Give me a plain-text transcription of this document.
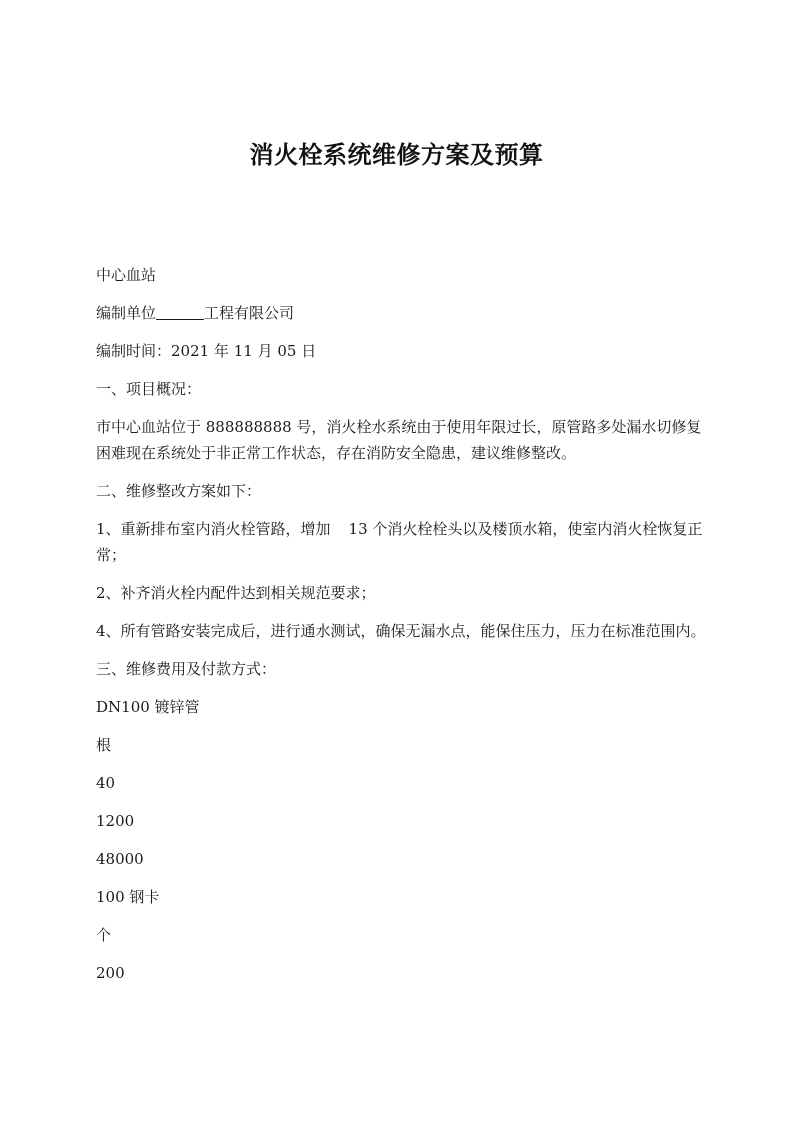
消火栓系统维修方案及预算

中心血站

编制单位	工程有限公司

编制时间：2021 年 11 月 05 日

一、项目概况：

市中心血站位于 888888888 号，消火栓水系统由于使用年限过长，原管路多处漏水切修复困难现在系统处于非正常工作状态，存在消防安全隐患，建议维修整改。

二、维修整改方案如下：

1、重新排布室内消火栓管路，增加 13 个消火栓栓头以及楼顶水箱，使室内消火栓恢复正常；

2、补齐消火栓内配件达到相关规范要求；

4、所有管路安装完成后，进行通水测试，确保无漏水点，能保住压力，压力在标准范围内。

三、维修费用及付款方式：

DN100 镀锌管

根

40

1200

48000

100 钢卡

个

200
